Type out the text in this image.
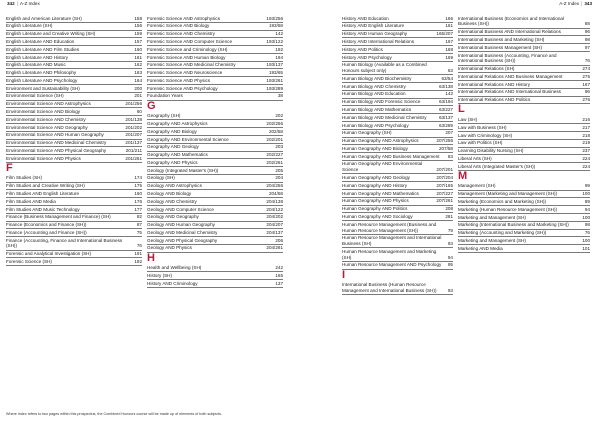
342 | A-Z Index	A-Z Index | 343
English and American Literature (SH)	158
English Literature (SH)	156
English Literature and Creative Writing (SH)	159
English Literature AND Education	157
English Literature AND Film Studies	160
English Literature AND History	161
English Literature AND Music	162
English Literature AND Philosophy	163
English Literature AND Psychology	164
Environment and Sustainability (SH)	200
Environmental Science (SH)	201
Environmental Science AND Astrophysics	201/256
Environmental Science AND Biology	60
Environmental Science AND Chemistry	201/138
Environmental Science AND Geography	201/202
Environmental Science AND Human Geography	201/207
Environmental Science AND Medicinal Chemistry	201/137
Environmental Science AND Physical Geography	201/211
Environmental Science AND Physics	201/261
F
Film Studies (SH)	174
Film Studies and Creative Writing (SH)	175
Film Studies AND English Literature	160
Film Studies AND Media	176
Film Studies AND Music Technology	177
Finance (Business Management and Finance) (SH)	82
Finance (Economics and Finance (SH))	87
Finance (Accounting and Finance (SH))	75
Finance (Accounting, Finance and International Business (SH))	76
Forensic and Analytical Investigation (SH)	191
Forensic Science (SH)	192
Forensic Science AND Astrophysics	193/256
Forensic Science AND Biology	193/58
Forensic Science AND Chemistry	142
Forensic Science AND Computer Science	193/122
Forensic Science and Criminology (SH)	192
Forensic Science AND Human Biology	194
Forensic Science AND Medicinal Chemistry	193/137
Forensic Science AND Neuroscience	193/65
Forensic Science AND Physics	193/261
Forensic Science AND Psychology	193/289
Foundation Years	38
G
Geography (SH)	202
Geography AND Astrophysics	202/256
Geography AND Biology	202/58
Geography AND Environmental Science	202/201
Geography AND Geology	203
Geography AND Mathematics	202/227
Geography AND Physics	202/261
Geology (Integrated Master's (SH))	205
Geology (SH)	204
Geology AND Astrophysics	204/256
Geology AND Biology	204/58
Geology AND Chemistry	204/138
Geology AND Computer Science	204/122
Geology AND Geography	204/202
Geology AND Human Geography	204/207
Geology AND Medicinal Chemistry	204/137
Geology AND Physical Geography	206
Geology AND Physics	204/261
H
Health and Wellbeing (SH)	242
History (SH)	165
History AND Criminology	137
History AND Education	166
History AND English Literature	161
History AND Human Geography	165/207
History AND International Relations	167
History AND Politics	168
History AND Psychology	169
Human Biology (Available as a Combined Honours subject only)	63
Human Biology AND Biochemistry	63/54
Human Biology AND Chemistry	63/138
Human Biology AND Education	142
Human Biology AND Forensic Science	63/194
Human Biology AND Mathematics	63/227
Human Biology AND Medicinal Chemistry	63/137
Human Biology AND Psychology	63/289
Human Geography (SH)	207
Human Geography AND Astrophysics	207/256
Human Geography AND Biology	207/58
Human Geography AND Business Management	83
Human Geography AND Environmental Science	207/201
Human Geography AND Geology	207/204
Human Geography AND History	207/165
Human Geography AND Mathematics	207/227
Human Geography AND Physics	207/261
Human Geography AND Politics	208
Human Geography AND Sociology	281
Human Resource Management (Business and Human Resource Management (SH))	79
Human Resource Management and International Business (SH)	93
Human Resource Management and Marketing (SH)	94
Human Resource Management AND Psychology	95
I
International Business (Human Resource Management and International Business (SH))	93
International Business (Economics and International Business (SH))	88
International Business AND International Relations	96
International Business and Marketing (SH)	98
International Business Management (SH)	97
International Business (Accounting, Finance and International Business (SH))	76
International Relations (SH)	274
International Relations AND Business Management	275
International Relations AND History	167
International Relations AND International Business	96
International Relations AND Politics	276
L
Law (SH)	216
Law with Business (SH)	217
Law with Criminology (SH)	218
Law with Politics (SH)	219
Learning Disability Nursing (SH)	237
Liberal Arts (SH)	224
Liberal Arts (Integrated Master's (SH))	224
M
Management (SH)	99
Management (Marketing and Management (SH))	100
Marketing (Economics and Marketing (SH))	89
Marketing (Human Resource Management (SH))	94
Marketing and Management (SH)	100
Marketing (International Business and Marketing (SH))	98
Marketing (Accounting and Marketing (SH))	76
Marketing and Management (SH)	100
Marketing AND Media	101
Where index refers to two pages within this prospectus, the Combined Honours course will be made up of elements of both subjects.
